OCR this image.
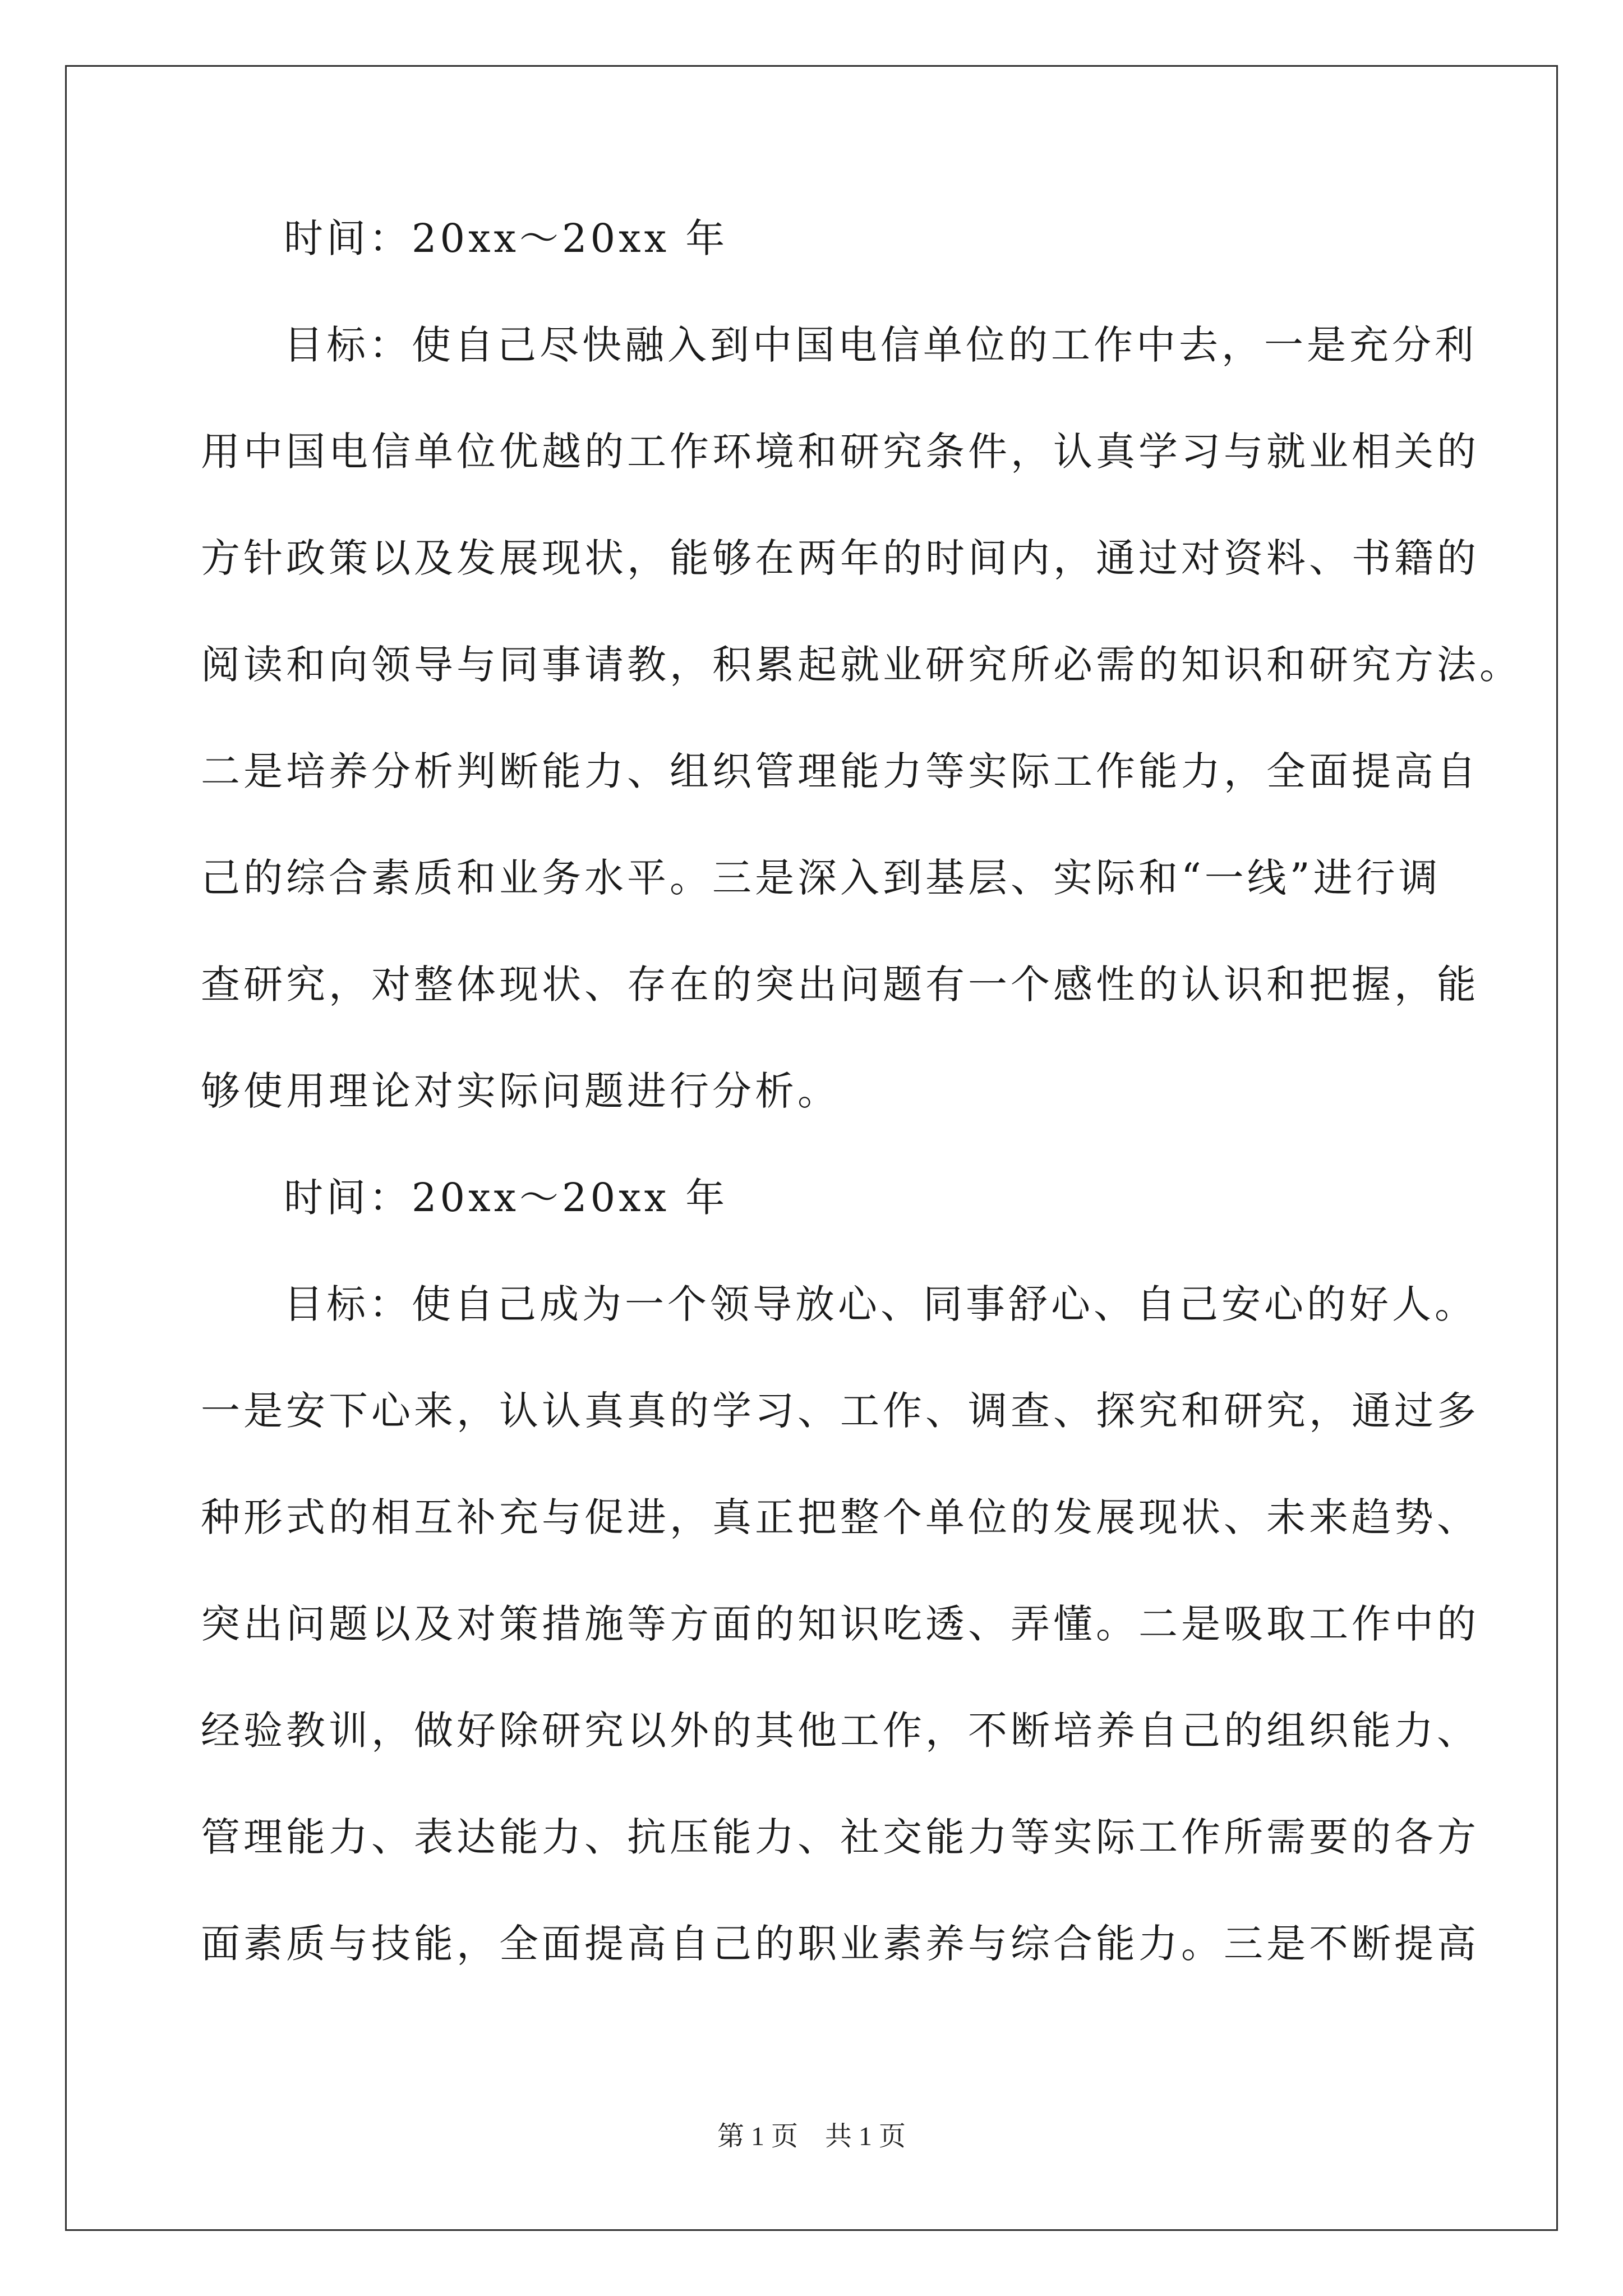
时间：20xx～20xx 年
目标：使自己尽快融入到中国电信单位的工作中去，一是充分利
用中国电信单位优越的工作环境和研究条件，认真学习与就业相关的
方针政策以及发展现状，能够在两年的时间内，通过对资料、书籍的
阅读和向领导与同事请教，积累起就业研究所必需的知识和研究方法。
二是培养分析判断能力、组织管理能力等实际工作能力，全面提高自
己的综合素质和业务水平。三是深入到基层、实际和“一线”进行调
查研究，对整体现状、存在的突出问题有一个感性的认识和把握，能
够使用理论对实际问题进行分析。
时间：20xx～20xx 年
目标：使自己成为一个领导放心、同事舒心、自己安心的好人。
一是安下心来，认认真真的学习、工作、调查、探究和研究，通过多
种形式的相互补充与促进，真正把整个单位的发展现状、未来趋势、
突出问题以及对策措施等方面的知识吃透、弄懂。二是吸取工作中的
经验教训，做好除研究以外的其他工作，不断培养自己的组织能力、
管理能力、表达能力、抗压能力、社交能力等实际工作所需要的各方
面素质与技能，全面提高自己的职业素养与综合能力。三是不断提高
第 1 页　共 1 页
